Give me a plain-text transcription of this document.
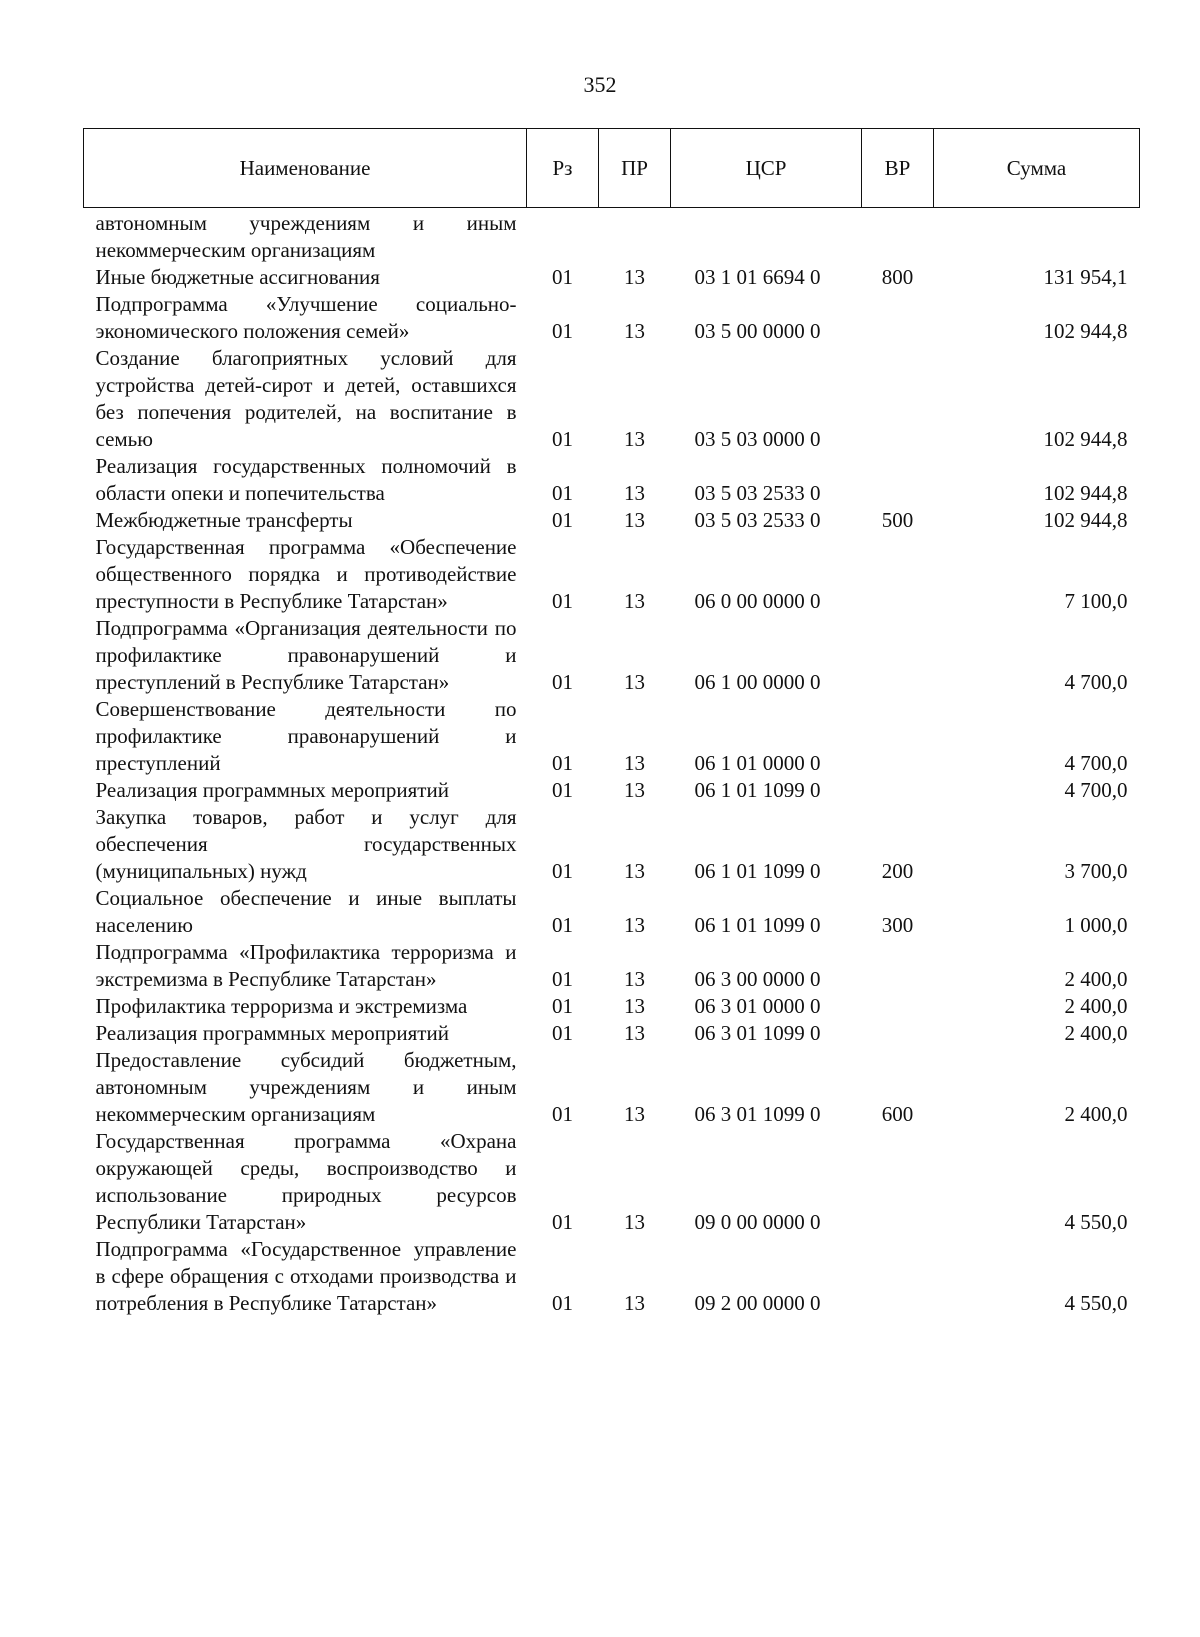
352
Наименование	Рз	ПР	ЦСР	ВР	Сумма
автономным учреждениям и иным некоммерческим организациям					
Иные бюджетные ассигнования	01	13	03 1 01 6694 0	800	131 954,1
Подпрограмма «Улучшение социально-экономического положения семей»	01	13	03 5 00 0000 0		102 944,8
Создание благоприятных условий для устройства детей-сирот и детей, оставшихся без попечения родителей, на воспитание в семью	01	13	03 5 03 0000 0		102 944,8
Реализация государственных полномочий в области опеки и попечительства	01	13	03 5 03 2533 0		102 944,8
Межбюджетные трансферты	01	13	03 5 03 2533 0	500	102 944,8
Государственная программа «Обеспечение общественного порядка и противодействие преступности в Республике Татарстан»	01	13	06 0 00 0000 0		7 100,0
Подпрограмма «Организация деятельности по профилактике правонарушений и преступлений в Республике Татарстан»	01	13	06 1 00 0000 0		4 700,0
Совершенствование деятельности по профилактике правонарушений и преступлений	01	13	06 1 01 0000 0		4 700,0
Реализация программных мероприятий	01	13	06 1 01 1099 0		4 700,0
Закупка товаров, работ и услуг для обеспечения государственных (муниципальных) нужд	01	13	06 1 01 1099 0	200	3 700,0
Социальное обеспечение и иные выплаты населению	01	13	06 1 01 1099 0	300	1 000,0
Подпрограмма «Профилактика терроризма и экстремизма в Республике Татарстан»	01	13	06 3 00 0000 0		2 400,0
Профилактика терроризма и экстремизма	01	13	06 3 01 0000 0		2 400,0
Реализация программных мероприятий	01	13	06 3 01 1099 0		2 400,0
Предоставление субсидий бюджетным, автономным учреждениям и иным некоммерческим организациям	01	13	06 3 01 1099 0	600	2 400,0
Государственная программа «Охрана окружающей среды, воспроизводство и использование природных ресурсов Республики Татарстан»	01	13	09 0 00 0000 0		4 550,0
Подпрограмма «Государственное управление в сфере обращения с отходами производства и потребления в Республике Татарстан»	01	13	09 2 00 0000 0		4 550,0
